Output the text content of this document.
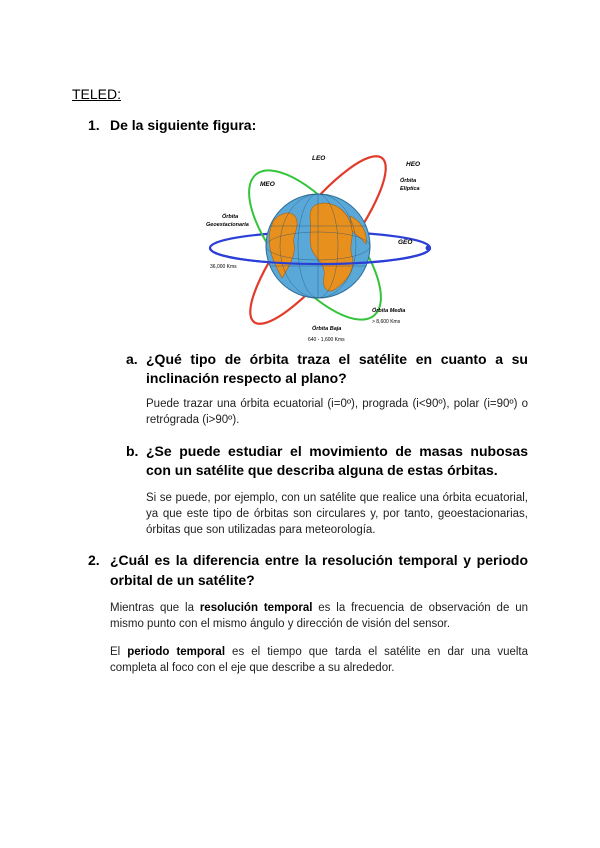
TELED:
1. De la siguiente figura:
LEO
HEO
Órbita
Elíptica
MEO
Órbita
Geoestacionaria
GEO
36,000 Kms
Órbita Media
> 8,600 Kms
Órbita Baja
640 - 1,600 Kms
a. ¿Qué tipo de órbita traza el satélite en cuanto a su inclinación respecto al plano?
Puede trazar una órbita ecuatorial (i=0º), prograda (i<90º), polar (i=90º) o retrógrada (i>90º).
b. ¿Se puede estudiar el movimiento de masas nubosas con un satélite que describa alguna de estas órbitas.
Si se puede, por ejemplo, con un satélite que realice una órbita ecuatorial, ya que este tipo de órbitas son circulares y, por tanto, geoestacionarias, órbitas que son utilizadas para meteorología.
2. ¿Cuál es la diferencia entre la resolución temporal y periodo orbital de un satélite?
Mientras que la resolución temporal es la frecuencia de observación de un mismo punto con el mismo ángulo y dirección de visión del sensor.
El periodo temporal es el tiempo que tarda el satélite en dar una vuelta completa al foco con el eje que describe a su alrededor.
